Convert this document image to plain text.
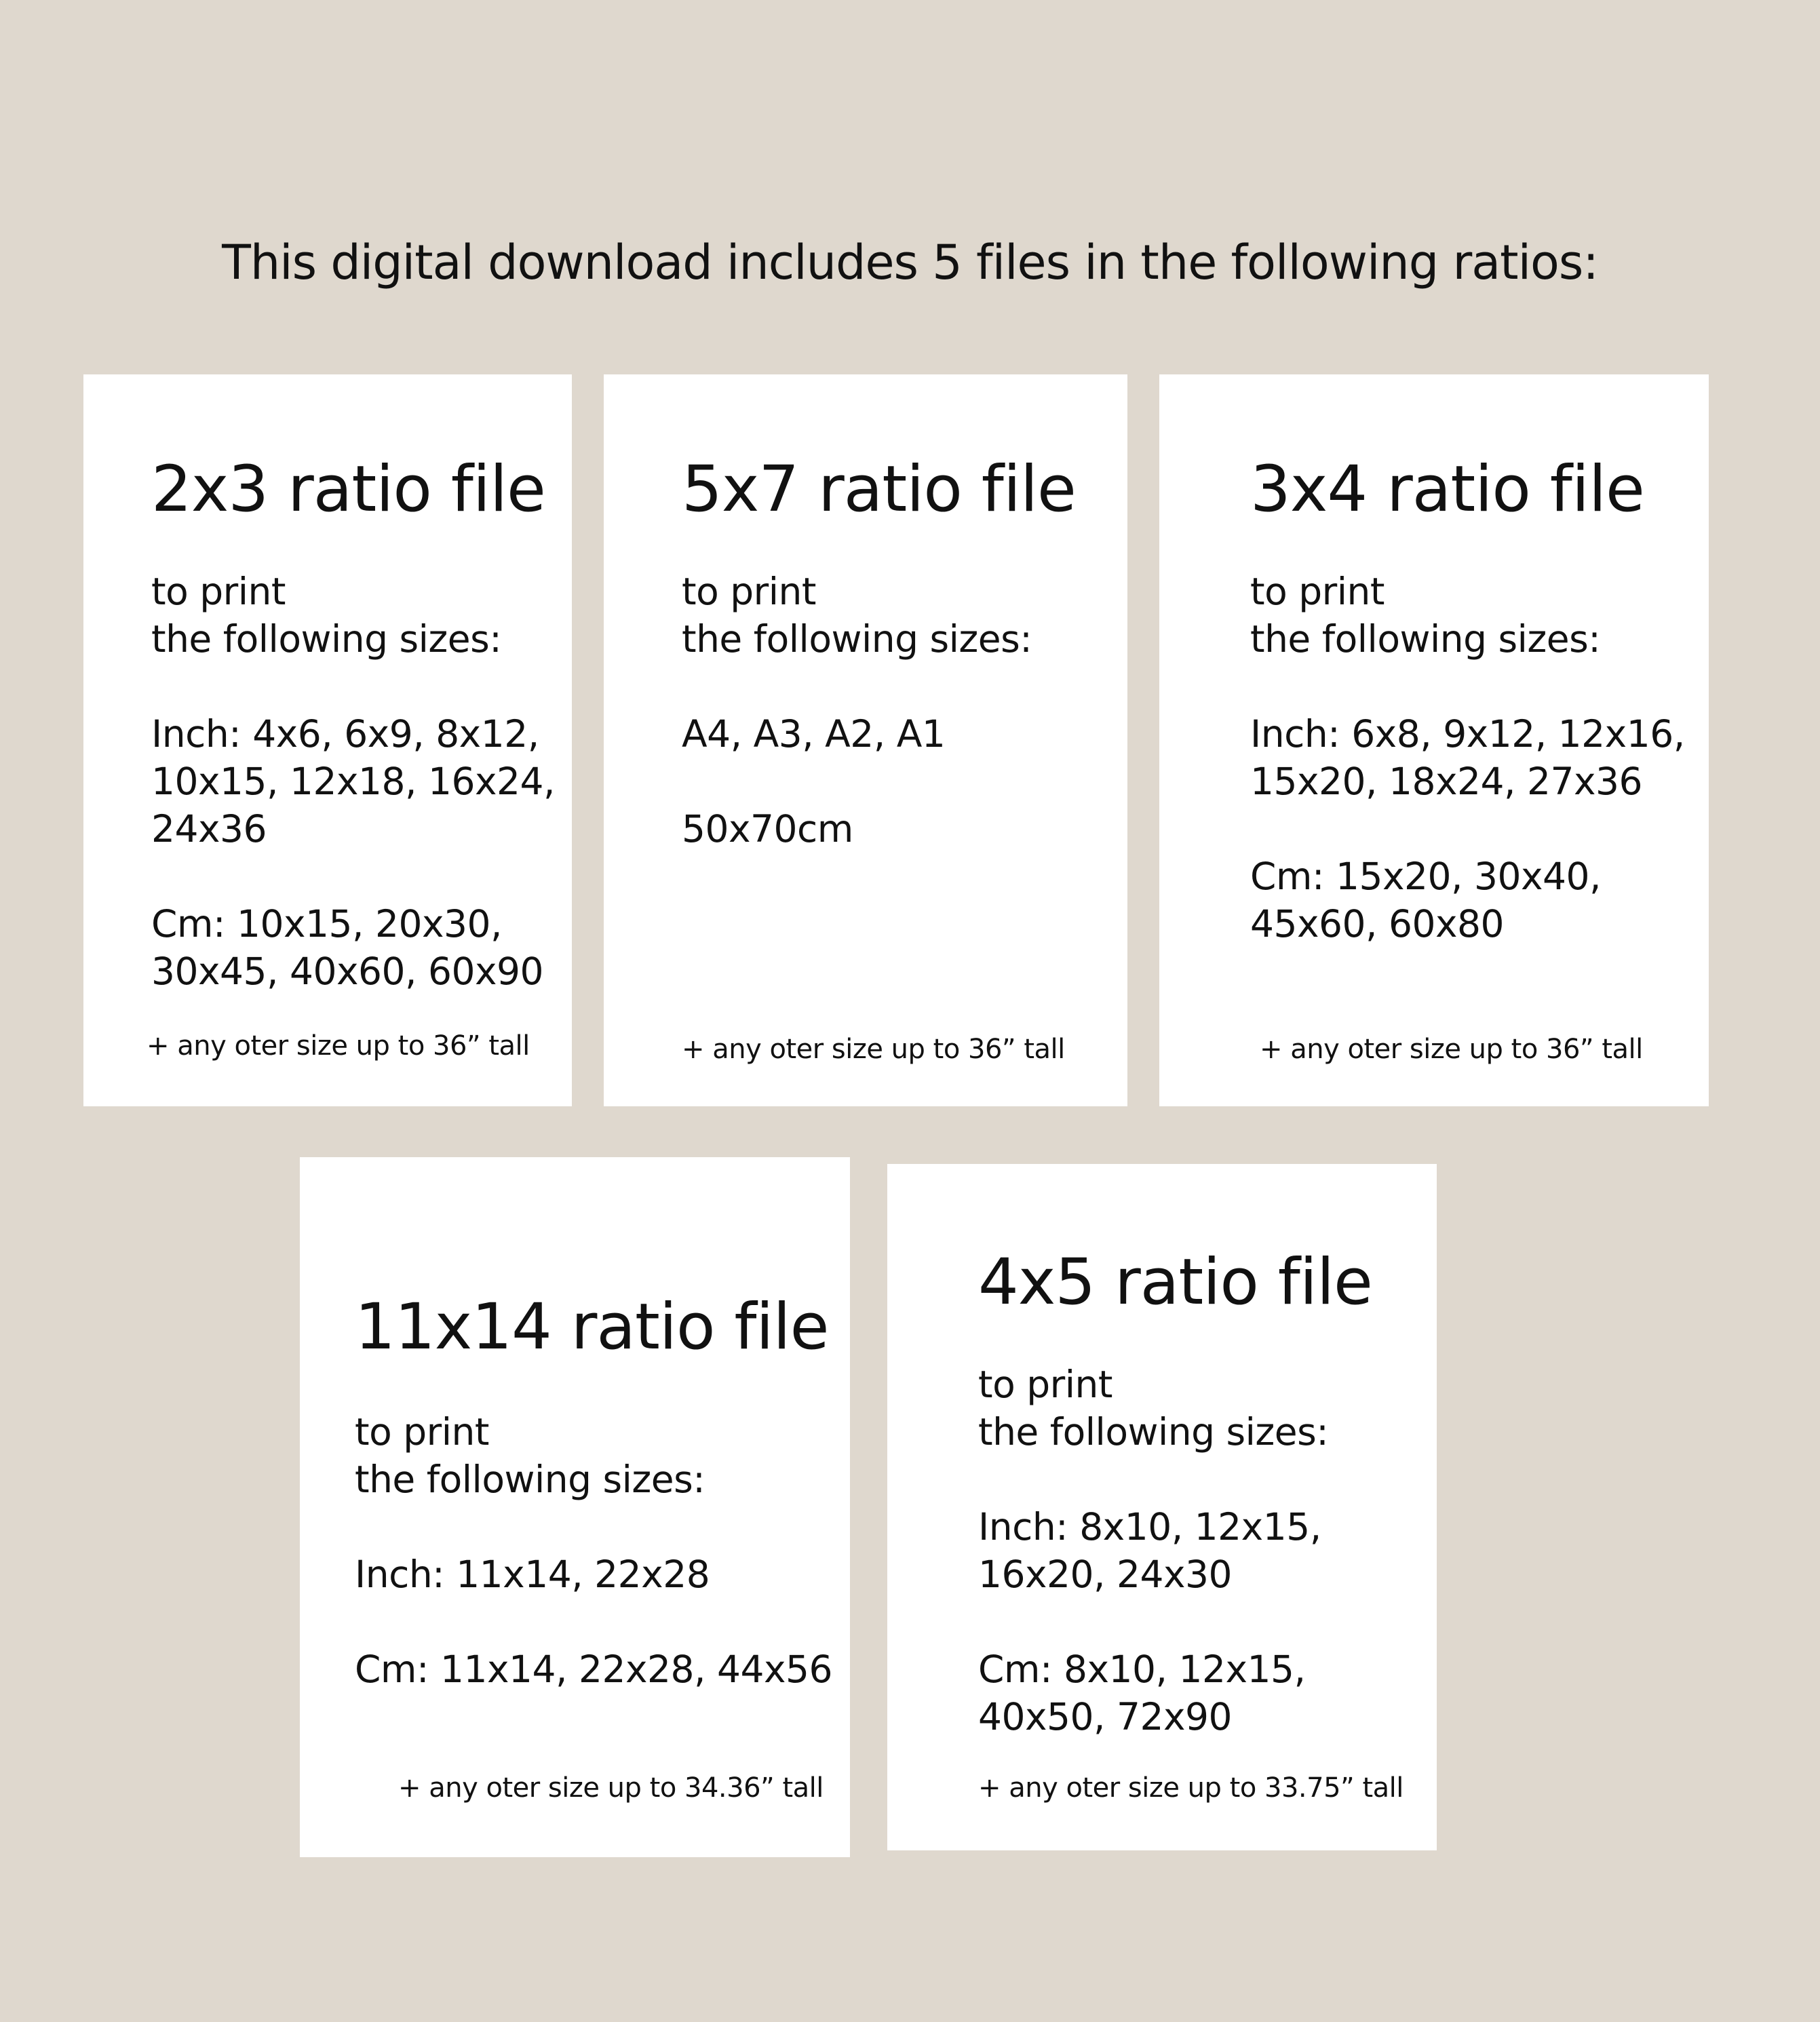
This digital download includes 5 files in the following ratios:
2x3 ratio file
to print
the following sizes:

Inch: 4x6, 6x9, 8x12,
10x15, 12x18, 16x24,
24x36

Cm: 10x15, 20x30,
30x45, 40x60, 60x90
+ any oter size up to 36” tall
5x7 ratio file
to print
the following sizes:

A4, A3, A2, A1

50x70cm
+ any oter size up to 36” tall
3x4 ratio file
to print
the following sizes:

Inch: 6x8, 9x12, 12x16,
15x20, 18x24, 27x36

Cm: 15x20, 30x40,
45x60, 60x80
+ any oter size up to 36” tall
11x14 ratio file
to print
the following sizes:

Inch: 11x14, 22x28

Cm: 11x14, 22x28, 44x56
+ any oter size up to 34.36” tall
4x5 ratio file
to print
the following sizes:

Inch: 8x10, 12x15,
16x20, 24x30

Cm: 8x10, 12x15,
40x50, 72x90
+ any oter size up to 33.75” tall
